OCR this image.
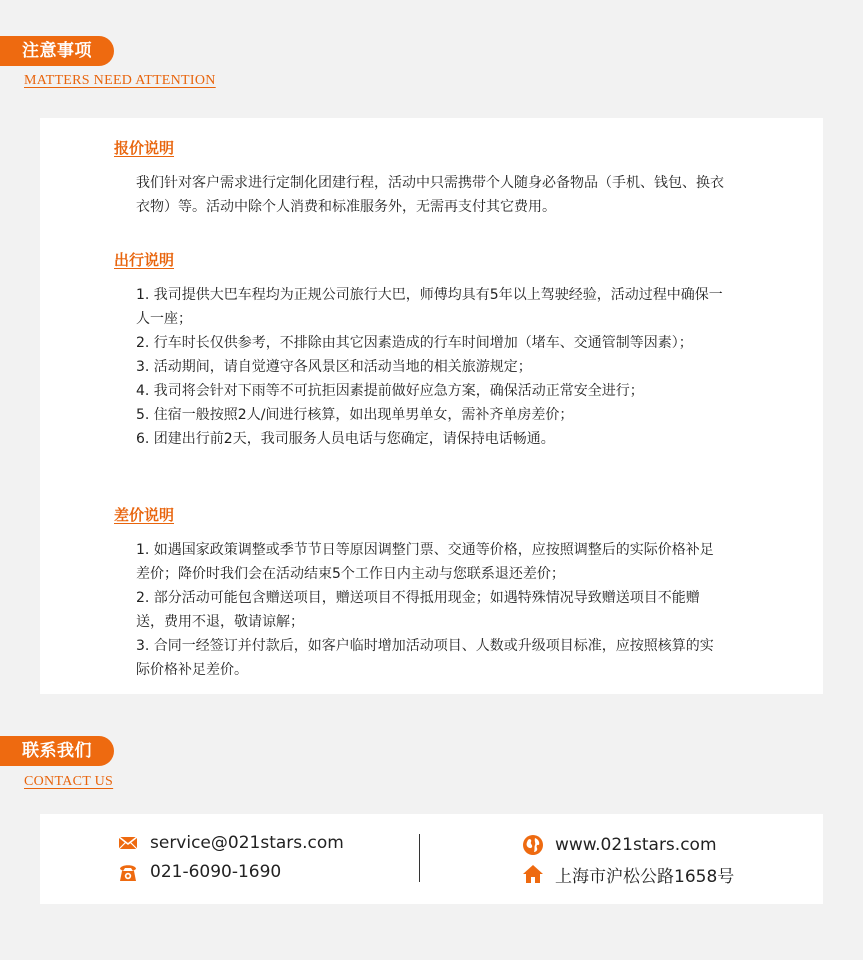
注意事项
MATTERS NEED ATTENTION

报价说明

我们针对客户需求进行定制化团建行程，活动中只需携带个人随身必备物品（手机、钱包、换衣衣物）等。活动中除个人消费和标准服务外，无需再支付其它费用。

出行说明

1. 我司提供大巴车程均为正规公司旅行大巴，师傅均具有5年以上驾驶经验，活动过程中确保一人一座；

2. 行车时长仅供参考，不排除由其它因素造成的行车时间增加（堵车、交通管制等因素）；

3. 活动期间，请自觉遵守各风景区和活动当地的相关旅游规定；

4. 我司将会针对下雨等不可抗拒因素提前做好应急方案，确保活动正常安全进行；

5. 住宿一般按照2人/间进行核算，如出现单男单女，需补齐单房差价；

6. 团建出行前2天，我司服务人员电话与您确定，请保持电话畅通。

差价说明

1. 如遇国家政策调整或季节节日等原因调整门票、交通等价格，应按照调整后的实际价格补足差价；降价时我们会在活动结束5个工作日内主动与您联系退还差价；

2. 部分活动可能包含赠送项目，赠送项目不得抵用现金；如遇特殊情况导致赠送项目不能赠送，费用不退，敬请谅解；

3. 合同一经签订并付款后，如客户临时增加活动项目、人数或升级项目标准，应按照核算的实际价格补足差价。

联系我们
CONTACT US
service@021stars.com
021-6090-1690
www.021stars.com
上海市沪松公路1658号
